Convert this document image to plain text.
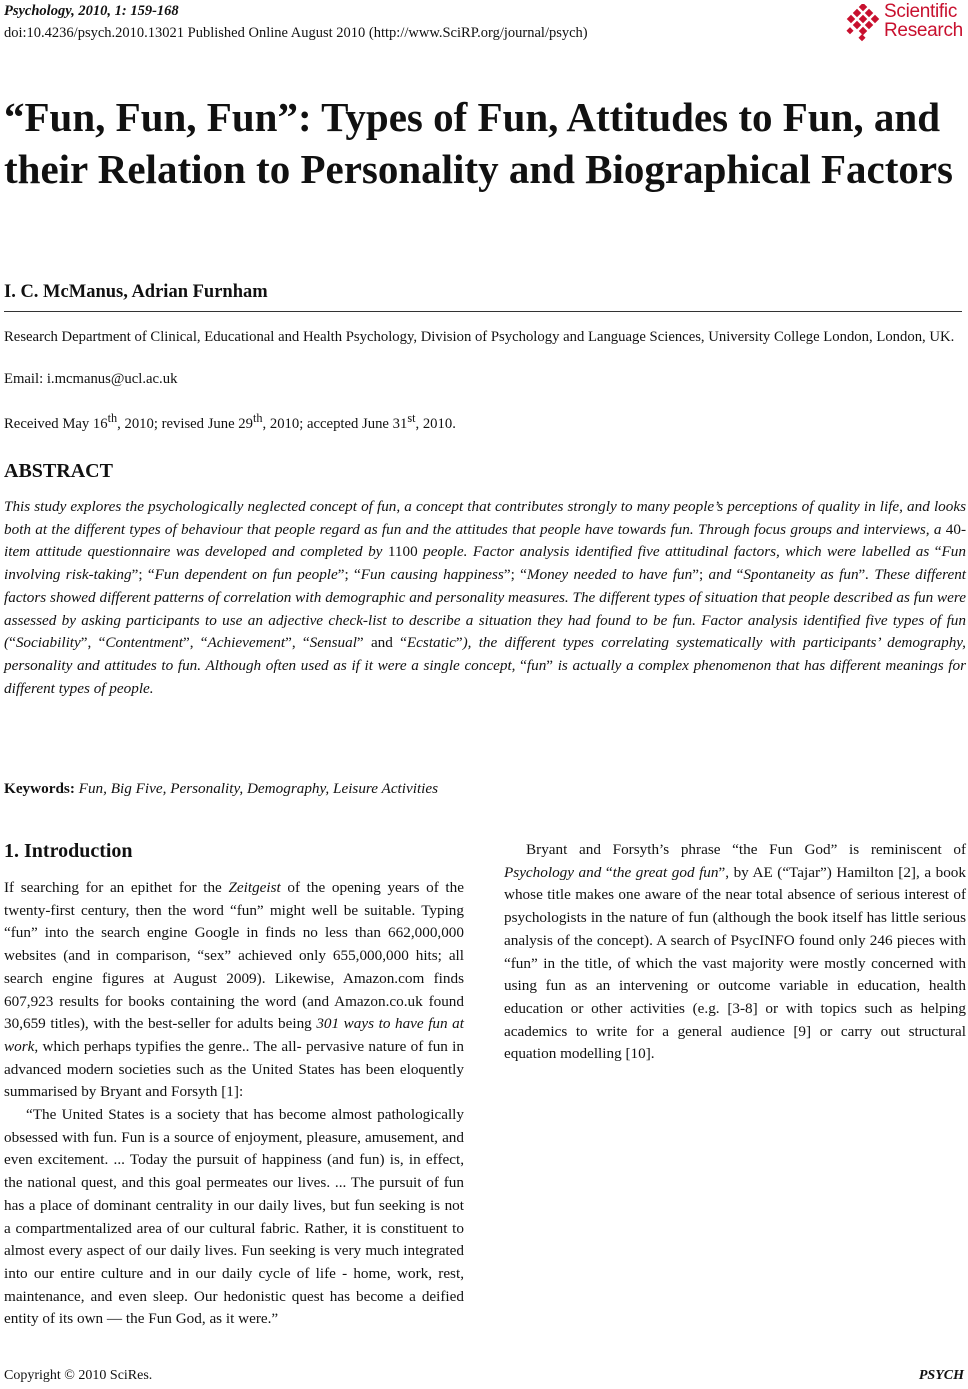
Psychology, 2010, 1: 159-168
doi:10.4236/psych.2010.13021 Published Online August 2010 (http://www.SciRP.org/journal/psych)
Scientific
Research
“Fun, Fun, Fun”: Types of Fun, Attitudes to Fun, and their Relation to Personality and Biographical Factors
I. C. McManus, Adrian Furnham
Research Department of Clinical, Educational and Health Psychology, Division of Psychology and Language Sciences, University College London, London, UK.
Email: i.mcmanus@ucl.ac.uk
Received May 16th, 2010; revised June 29th, 2010; accepted June 31st, 2010.
ABSTRACT
This study explores the psychologically neglected concept of fun, a concept that contributes strongly to many people’s perceptions of quality in life, and looks both at the different types of behaviour that people regard as fun and the attitudes that people have towards fun. Through focus groups and interviews, a 40-item attitude questionnaire was developed and completed by 1100 people. Factor analysis identified five attitudinal factors, which were labelled as “Fun involving risk-taking”; “Fun dependent on fun people”; “Fun causing happiness”; “Money needed to have fun”; and “Spontaneity as fun”. These different factors showed different patterns of correlation with demographic and personality measures. The different types of situation that people described as fun were assessed by asking participants to use an adjective check-list to describe a situation they had found to be fun. Factor analysis identified five types of fun (“Sociability”, “Contentment”, “Achievement”, “Sensual” and “Ecstatic”), the different types correlating systematically with participants’ demography, personality and attitudes to fun. Although often used as if it were a single concept, “fun” is actually a complex phenomenon that has different meanings for different types of people.
Keywords: Fun, Big Five, Personality, Demography, Leisure Activities
1. Introduction

If searching for an epithet for the Zeitgeist of the opening years of the twenty-first century, then the word “fun” might well be suitable. Typing “fun” into the search engine Google in finds no less than 662,000,000 websites (and in comparison, “sex” achieved only 655,000,000 hits; all search engine figures at August 2009). Likewise, Amazon.com finds 607,923 results for books containing the word (and Amazon.co.uk found 30,659 titles), with the best-seller for adults being 301 ways to have fun at work, which perhaps typifies the genre.. The all- pervasive nature of fun in advanced modern societies such as the United States has been eloquently summarised by Bryant and Forsyth [1]:

“The United States is a society that has become almost pathologically obsessed with fun. Fun is a source of enjoyment, pleasure, amusement, and even excitement. ... Today the pursuit of happiness (and fun) is, in effect, the national quest, and this goal permeates our lives. ... The pursuit of fun has a place of dominant centrality in our daily lives, but fun seeking is not a compartmentalized area of our cultural fabric. Rather, it is constituent to almost every aspect of our daily lives. Fun seeking is very much integrated into our entire culture and in our daily cycle of life - home, work, rest, maintenance, and even sleep. Our hedonistic quest has become a deified entity of its own — the Fun God, as it were.”

Bryant and Forsyth’s phrase “the Fun God” is reminiscent of Psychology and “the great god fun”, by AE (“Tajar”) Hamilton [2], a book whose title makes one aware of the near total absence of serious interest of psychologists in the nature of fun (although the book itself has little serious analysis of the concept). A search of PsycINFO found only 246 pieces with “fun” in the title, of which the vast majority were mostly concerned with using fun as an intervening or outcome variable in education, health education or other activities (e.g. [3-8] or with topics such as helping academics to write for a general audience [9] or carry out structural equation modelling [10].

Copyright © 2010 SciRes.	PSYCH
